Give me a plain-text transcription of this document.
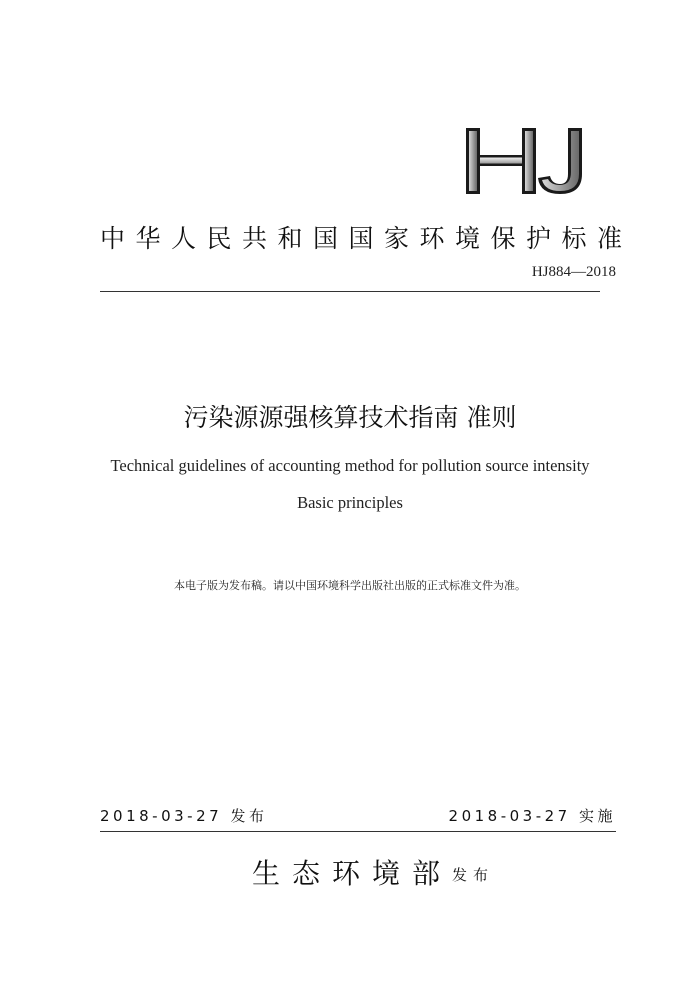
中华人民共和国国家环境保护标准
HJ884—2018
污染源源强核算技术指南 准则
Technical guidelines of accounting method for pollution source intensity
Basic principles
本电子版为发布稿。请以中国环境科学出版社出版的正式标准文件为准。
2018-03-27 发布	2018-03-27 实施
生态环境部 发布
